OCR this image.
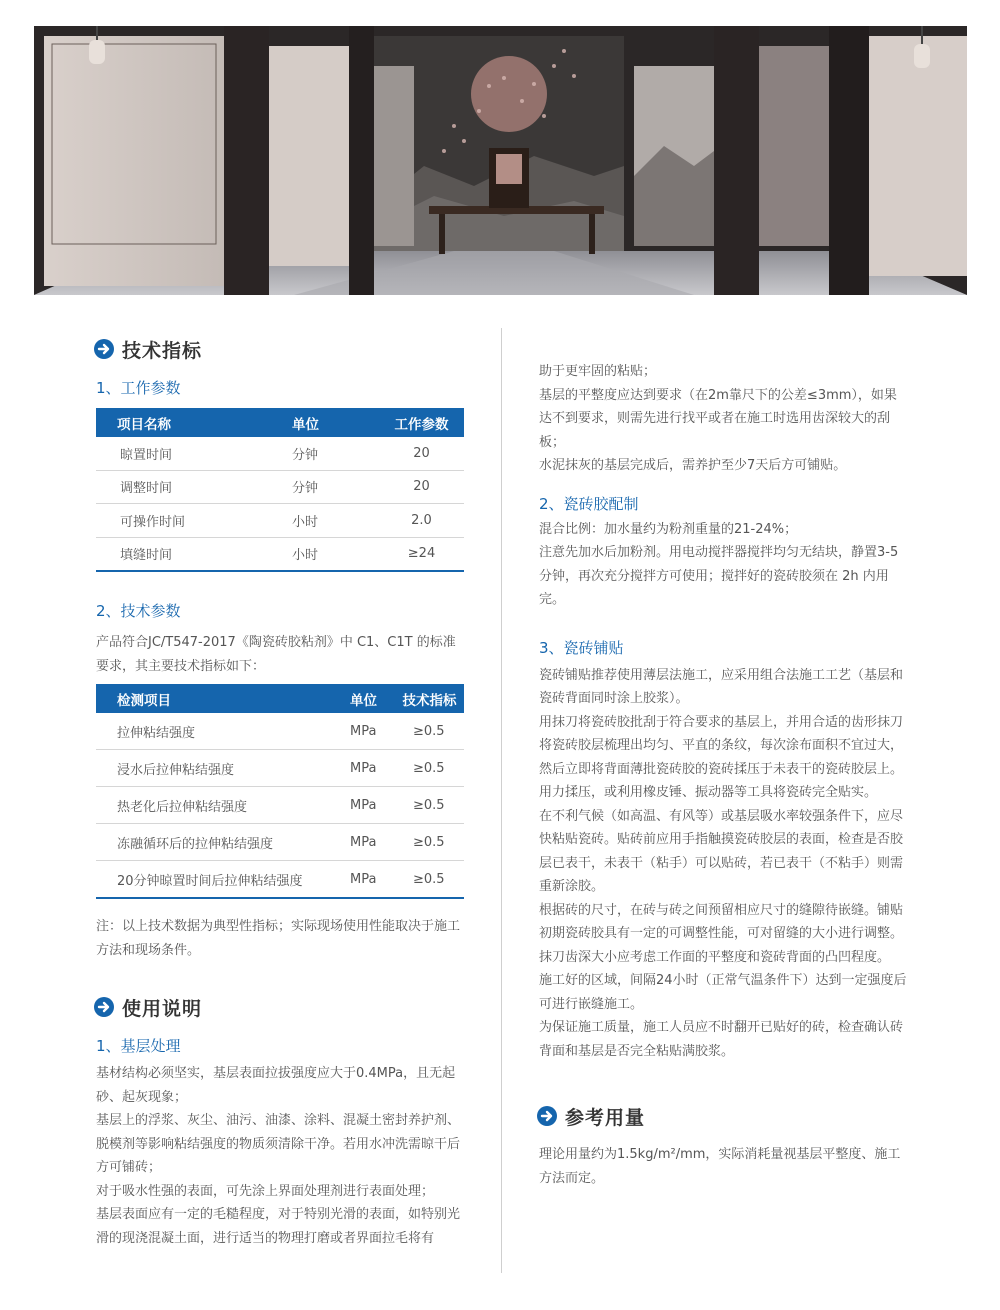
技术指标

1、工作参数

项目名称	单位	工作参数
晾置时间	分钟	20
调整时间	分钟	20
可操作时间	小时	2.0
填缝时间	小时	≥24

2、技术参数

产品符合JC/T547-2017《陶瓷砖胶粘剂》中 C1、C1T 的标准要求，其主要技术指标如下：

检测项目	单位	技术指标
拉伸粘结强度	MPa	≥0.5
浸水后拉伸粘结强度	MPa	≥0.5
热老化后拉伸粘结强度	MPa	≥0.5
冻融循环后的拉伸粘结强度	MPa	≥0.5
20分钟晾置时间后拉伸粘结强度	MPa	≥0.5

注：以上技术数据为典型性指标；实际现场使用性能取决于施工方法和现场条件。

使用说明

1、基层处理

基材结构必须坚实，基层表面拉拔强度应大于0.4MPa，且无起砂、起灰现象；

基层上的浮浆、灰尘、油污、油漆、涂料、混凝土密封养护剂、脱模剂等影响粘结强度的物质须清除干净。若用水冲洗需晾干后方可铺砖；

对于吸水性强的表面，可先涂上界面处理剂进行表面处理；

基层表面应有一定的毛糙程度，对于特别光滑的表面，如特别光滑的现浇混凝土面，进行适当的物理打磨或者界面拉毛将有

助于更牢固的粘贴；

基层的平整度应达到要求（在2m靠尺下的公差≤3mm），如果达不到要求，则需先进行找平或者在施工时选用齿深较大的刮板；

水泥抹灰的基层完成后，需养护至少7天后方可铺贴。

2、瓷砖胶配制

混合比例：加水量约为粉剂重量的21-24%；

注意先加水后加粉剂。用电动搅拌器搅拌均匀无结块，静置3-5分钟，再次充分搅拌方可使用；搅拌好的瓷砖胶须在 2h 内用完。

3、瓷砖铺贴

瓷砖铺贴推荐使用薄层法施工，应采用组合法施工工艺（基层和瓷砖背面同时涂上胶浆）。

用抹刀将瓷砖胶批刮于符合要求的基层上，并用合适的齿形抹刀将瓷砖胶层梳理出均匀、平直的条纹，每次涂布面积不宜过大，然后立即将背面薄批瓷砖胶的瓷砖揉压于未表干的瓷砖胶层上。用力揉压，或利用橡皮锤、振动器等工具将瓷砖完全贴实。

在不利气候（如高温、有风等）或基层吸水率较强条件下，应尽快粘贴瓷砖。贴砖前应用手指触摸瓷砖胶层的表面，检查是否胶层已表干，未表干（粘手）可以贴砖，若已表干（不粘手）则需重新涂胶。

根据砖的尺寸，在砖与砖之间预留相应尺寸的缝隙待嵌缝。铺贴初期瓷砖胶具有一定的可调整性能，可对留缝的大小进行调整。

抹刀齿深大小应考虑工作面的平整度和瓷砖背面的凸凹程度。

施工好的区域，间隔24小时（正常气温条件下）达到一定强度后可进行嵌缝施工。

为保证施工质量，施工人员应不时翻开已贴好的砖，检查确认砖背面和基层是否完全粘贴满胶浆。

参考用量

理论用量约为1.5kg/m²/mm，实际消耗量视基层平整度、施工方法而定。
